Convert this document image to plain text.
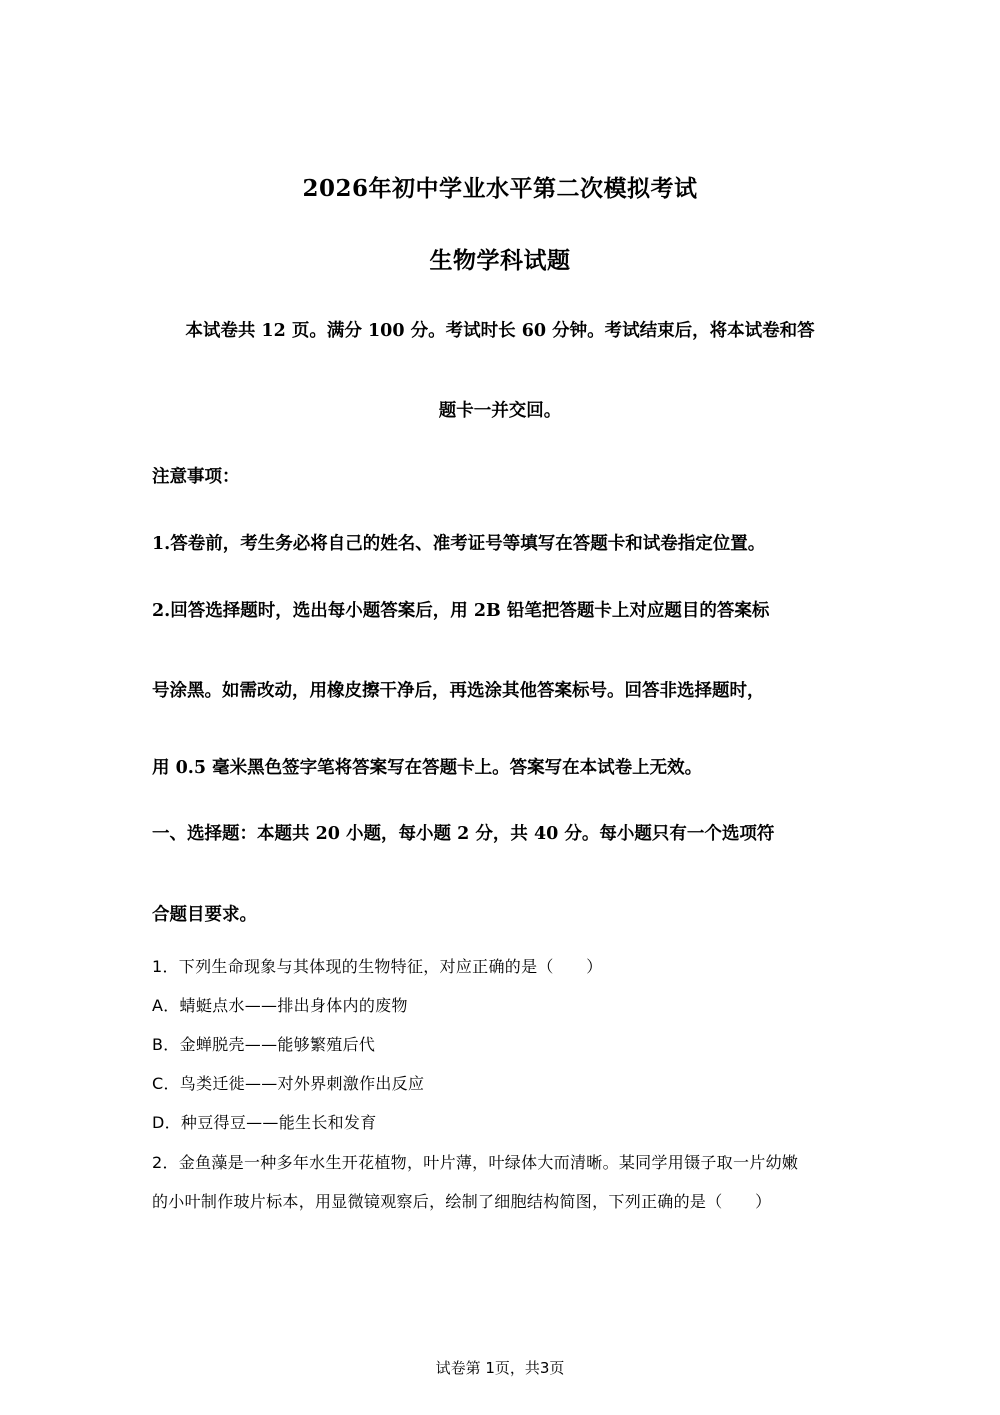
2026年初中学业水平第二次模拟考试
生物学科试题
本试卷共 12 页。满分 100 分。考试时长 60 分钟。考试结束后，将本试卷和答
题卡一并交回。
注意事项：
1.答卷前，考生务必将自己的姓名、准考证号等填写在答题卡和试卷指定位置。
2.回答选择题时，选出每小题答案后，用 2B 铅笔把答题卡上对应题目的答案标
号涂黑。如需改动，用橡皮擦干净后，再选涂其他答案标号。回答非选择题时，
用 0.5 毫米黑色签字笔将答案写在答题卡上。答案写在本试卷上无效。
一、选择题：本题共 20 小题，每小题 2 分，共 40 分。每小题只有一个选项符
合题目要求。
1．下列生命现象与其体现的生物特征，对应正确的是（　　）
A．蜻蜓点水——排出身体内的废物
B．金蝉脱壳——能够繁殖后代
C．鸟类迁徙——对外界刺激作出反应
D．种豆得豆——能生长和发育
2．金鱼藻是一种多年水生开花植物，叶片薄，叶绿体大而清晰。某同学用镊子取一片幼嫩
的小叶制作玻片标本，用显微镜观察后，绘制了细胞结构简图，下列正确的是（　　）
试卷第 1页，共3页
